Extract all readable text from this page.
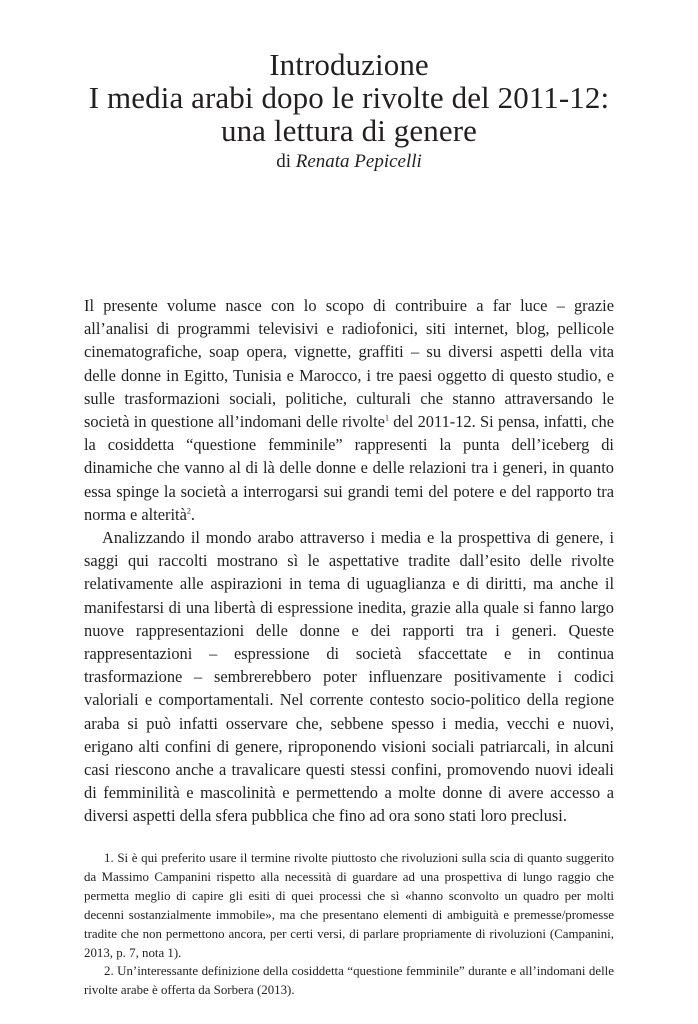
Introduzione
I media arabi dopo le rivolte del 2011-12:
una lettura di genere
di Renata Pepicelli

Il presente volume nasce con lo scopo di contribuire a far luce – grazie all’analisi di programmi televisivi e radiofonici, siti internet, blog, pellicole cinematografiche, soap opera, vignette, graffiti – su diversi aspetti della vita delle donne in Egitto, Tunisia e Marocco, i tre paesi oggetto di questo studio, e sulle trasformazioni sociali, politiche, culturali che stanno attraversando le società in questione all’indomani delle rivolte$^1$ del 2011-12. Si pensa, infatti, che la cosiddetta “questione femminile” rappresenti la punta dell’iceberg di dinamiche che vanno al di là delle donne e delle relazioni tra i generi, in quanto essa spinge la società a interrogarsi sui grandi temi del potere e del rapporto tra norma e alterità$^2$.

Analizzando il mondo arabo attraverso i media e la prospettiva di genere, i saggi qui raccolti mostrano sì le aspettative tradite dall’esito delle rivolte relativamente alle aspirazioni in tema di uguaglianza e di diritti, ma anche il manifestarsi di una libertà di espressione inedita, grazie alla quale si fanno largo nuove rappresentazioni delle donne e dei rapporti tra i generi. Queste rappresentazioni – espressione di società sfaccettate e in continua trasformazione – sembrerebbero poter influenzare positivamente i codici valoriali e comportamentali. Nel corrente contesto socio-politico della regione araba si può infatti osservare che, sebbene spesso i media, vecchi e nuovi, erigano alti confini di genere, riproponendo visioni sociali patriarcali, in alcuni casi riescono anche a travalicare questi stessi confini, promovendo nuovi ideali di femminilità e mascolinità e permettendo a molte donne di avere accesso a diversi aspetti della sfera pubblica che fino ad ora sono stati loro preclusi.

1. Si è qui preferito usare il termine rivolte piuttosto che rivoluzioni sulla scia di quanto suggerito da Massimo Campanini rispetto alla necessità di guardare ad una prospettiva di lungo raggio che permetta meglio di capire gli esiti di quei processi che sì «hanno sconvolto un quadro per molti decenni sostanzialmente immobile», ma che presentano elementi di ambiguità e premesse/promesse tradite che non permettono ancora, per certi versi, di parlare propriamente di rivoluzioni (Campanini, 2013, p. 7, nota 1).

2. Un’interessante definizione della cosiddetta “questione femminile” durante e all’indomani delle rivolte arabe è offerta da Sorbera (2013).
